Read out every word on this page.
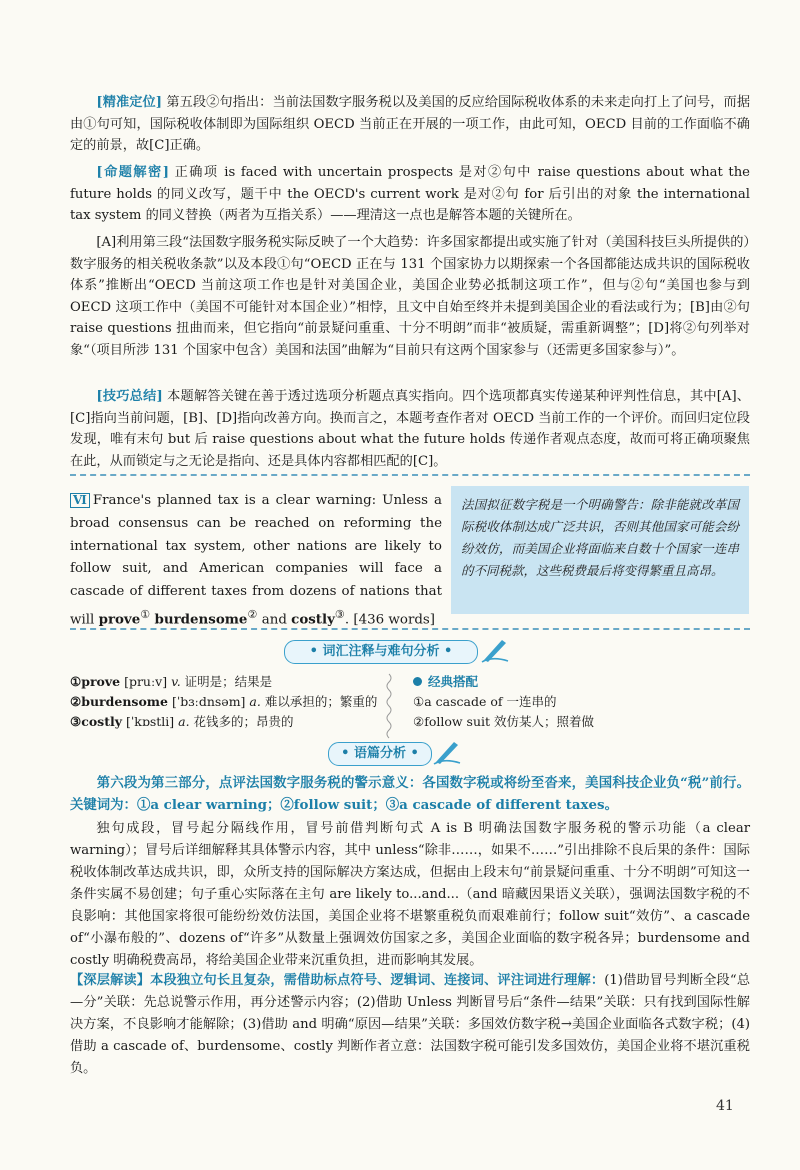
[精准定位] 第五段②句指出：当前法国数字服务税以及美国的反应给国际税收体系的未来走向打上了问号，而据由①句可知，国际税收体制即为国际组织 OECD 当前正在开展的一项工作，由此可知，OECD 目前的工作面临不确定的前景，故[C]正确。
[命题解密] 正确项 is faced with uncertain prospects 是对②句中 raise questions about what the future holds 的同义改写，题干中 the OECD's current work 是对②句 for 后引出的对象 the international tax system 的同义替换（两者为互指关系）——理清这一点也是解答本题的关键所在。
[A]利用第三段“法国数字服务税实际反映了一个大趋势：许多国家都提出或实施了针对（美国科技巨头所提供的）数字服务的相关税收条款”以及本段①句“OECD 正在与 131 个国家协力以期探索一个各国都能达成共识的国际税收体系”推断出“OECD 当前这项工作也是针对美国企业，美国企业势必抵制这项工作”，但与②句“美国也参与到 OECD 这项工作中（美国不可能针对本国企业）”相悖，且文中自始至终并未提到美国企业的看法或行为；[B]由②句 raise questions 扭曲而来，但它指向“前景疑问重重、十分不明朗”而非“被质疑，需重新调整”；[D]将②句列举对象“（项目所涉 131 个国家中包含）美国和法国”曲解为“目前只有这两个国家参与（还需更多国家参与）”。
[技巧总结] 本题解答关键在善于透过选项分析题点真实指向。四个选项都真实传递某种评判性信息，其中[A]、[C]指向当前问题，[B]、[D]指向改善方向。换而言之，本题考查作者对 OECD 当前工作的一个评价。而回归定位段发现，唯有末句 but 后 raise questions about what the future holds 传递作者观点态度，故而可将正确项聚焦在此，从而锁定与之无论是指向、还是具体内容都相匹配的[C]。
Ⅵ France's planned tax is a clear warning: Unless a broad consensus can be reached on reforming the international tax system, other nations are likely to follow suit, and American companies will face a cascade of different taxes from dozens of nations that will prove① burdensome② and costly③. [436 words]
法国拟征数字税是一个明确警告：除非能就改革国际税收体制达成广泛共识，否则其他国家可能会纷纷效仿，而美国企业将面临来自数十个国家一连串的不同税款，这些税费最后将变得繁重且高昂。
• 词汇注释与难句分析 •
①prove [pruːv] v. 证明是；结果是
②burdensome [ˈbɜːdnsəm] a. 难以承担的；繁重的
③costly [ˈkɒstli] a. 花钱多的；昂贵的
经典搭配
①a cascade of 一连串的
②follow suit 效仿某人；照着做
• 语篇分析 •
第六段为第三部分，点评法国数字服务税的警示意义：各国数字税或将纷至沓来，美国科技企业负“税”前行。关键词为：①a clear warning；②follow suit；③a cascade of different taxes。
独句成段，冒号起分隔线作用，冒号前借判断句式 A is B 明确法国数字服务税的警示功能（a clear warning）；冒号后详细解释其具体警示内容，其中 unless“除非……，如果不……”引出排除不良后果的条件：国际税收体制改革达成共识，即，众所支持的国际解决方案达成，但据由上段末句“前景疑问重重、十分不明朗”可知这一条件实属不易创建；句子重心实际落在主句 are likely to...and...（and 暗藏因果语义关联），强调法国数字税的不良影响：其他国家将很可能纷纷效仿法国，美国企业将不堪繁重税负而艰难前行；follow suit“效仿”、a cascade of“小瀑布般的”、dozens of“许多”从数量上强调效仿国家之多，美国企业面临的数字税各异；burdensome and costly 明确税费高昂，将给美国企业带来沉重负担，进而影响其发展。
【深层解读】本段独立句长且复杂，需借助标点符号、逻辑词、连接词、评注词进行理解：(1)借助冒号判断全段“总—分”关联：先总说警示作用，再分述警示内容；(2)借助 Unless 判断冒号后“条件—结果”关联：只有找到国际性解决方案，不良影响才能解除；(3)借助 and 明确“原因—结果”关联：多国效仿数字税→美国企业面临各式数字税；(4)借助 a cascade of、burdensome、costly 判断作者立意：法国数字税可能引发多国效仿，美国企业将不堪沉重税负。
41
